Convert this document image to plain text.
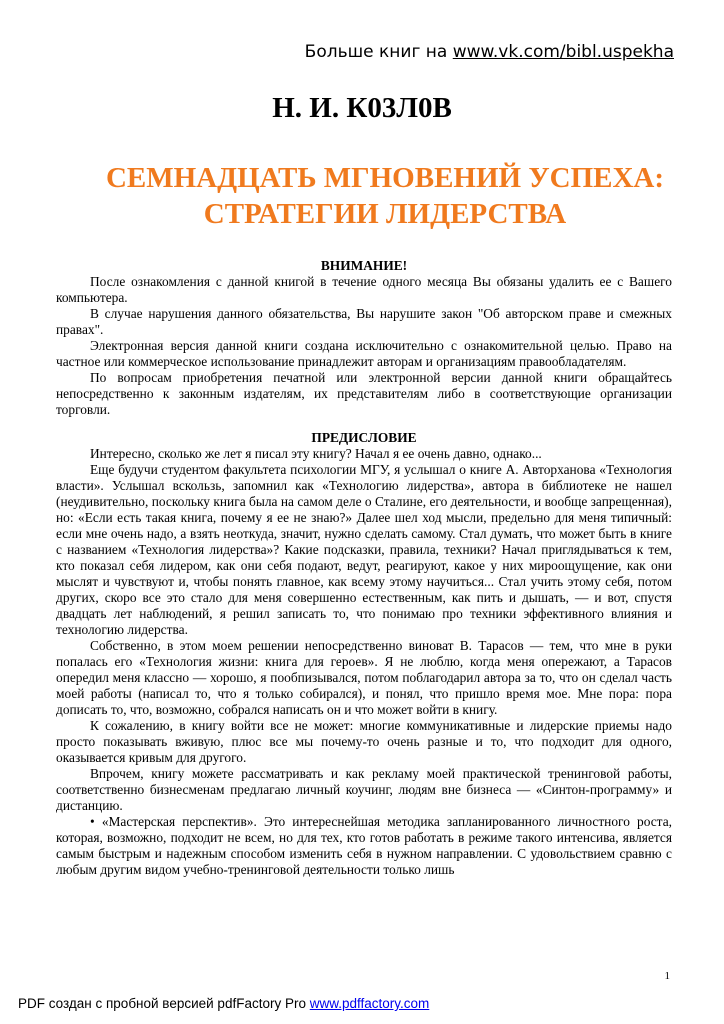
Больше книг на www.vk.com/bibl.uspekha
Н. И. К03Л0В
СЕМНАДЦАТЬ МГНОВЕНИЙ УСПЕХА:
СТРАТЕГИИ ЛИДЕРСТВА
ВНИМАНИЕ!

После ознакомления с данной книгой в течение одного месяца Вы обязаны удалить ее с Вашего компьютера.

В случае нарушения данного обязательства, Вы нарушите закон "Об авторском праве и смежных правах".

Электронная версия данной книги создана исключительно с ознакомительной целью. Право на частное или коммерческое использование принадлежит авторам и организациям правообладателям.

По вопросам приобретения печатной или электронной версии данной книги обращайтесь непосредственно к законным издателям, их представителям либо в соответствующие организации торговли.

ПРЕДИСЛОВИЕ

Интересно, сколько же лет я писал эту книгу? Начал я ее очень давно, однако...

Еще будучи студентом факультета психологии МГУ, я услышал о книге А. Авторханова «Технология власти». Услышал вскользь, запомнил как «Технологию лидерства», автора в библиотеке не нашел (неудивительно, поскольку книга была на самом деле о Сталине, его деятельности, и вообще запрещенная), но: «Если есть такая книга, почему я ее не знаю?» Далее шел ход мысли, предельно для меня типичный: если мне очень надо, а взять неоткуда, значит, нужно сделать самому. Стал думать, что может быть в книге с названием «Технология лидерства»? Какие подсказки, правила, техники? Начал приглядываться к тем, кто показал себя лидером, как они себя подают, ведут, реагируют, какое у них мироощущение, как они мыслят и чувствуют и, чтобы понять главное, как всему этому научиться... Стал учить этому себя, потом других, скоро все это стало для меня совершенно естественным, как пить и дышать, — и вот, спустя двадцать лет наблюдений, я решил записать то, что понимаю про техники эффективного влияния и технологию лидерства.

Собственно, в этом моем решении непосредственно виноват В. Тарасов — тем, что мне в руки попалась его «Технология жизни: книга для героев». Я не люблю, когда меня опережают, а Тарасов опередил меня классно — хорошо, я пообпизывался, потом поблагодарил автора за то, что он сделал часть моей работы (написал то, что я только собирался), и понял, что пришло время мое. Мне пора: пора дописать то, что, возможно, собрался написать он и что может войти в книгу.

К сожалению, в книгу войти все не может: многие коммуникативные и лидерские приемы надо просто показывать вживую, плюс все мы почему-то очень разные и то, что подходит для одного, оказывается кривым для другого.

Впрочем, книгу можете рассматривать и как рекламу моей практической тренинговой работы, соответственно бизнесменам предлагаю личный коучинг, людям вне бизнеса — «Синтон-программу» и дистанцию.

• «Мастерская перспектив». Это интереснейшая методика запланированного личностного роста, которая, возможно, подходит не всем, но для тех, кто готов работать в режиме такого интенсива, является самым быстрым и надежным способом изменить себя в нужном направлении. С удовольствием сравню с любым другим видом учебно-тренинговой деятельности только лишь

1
PDF создан с пробной версией pdfFactory Pro www.pdffactory.com
